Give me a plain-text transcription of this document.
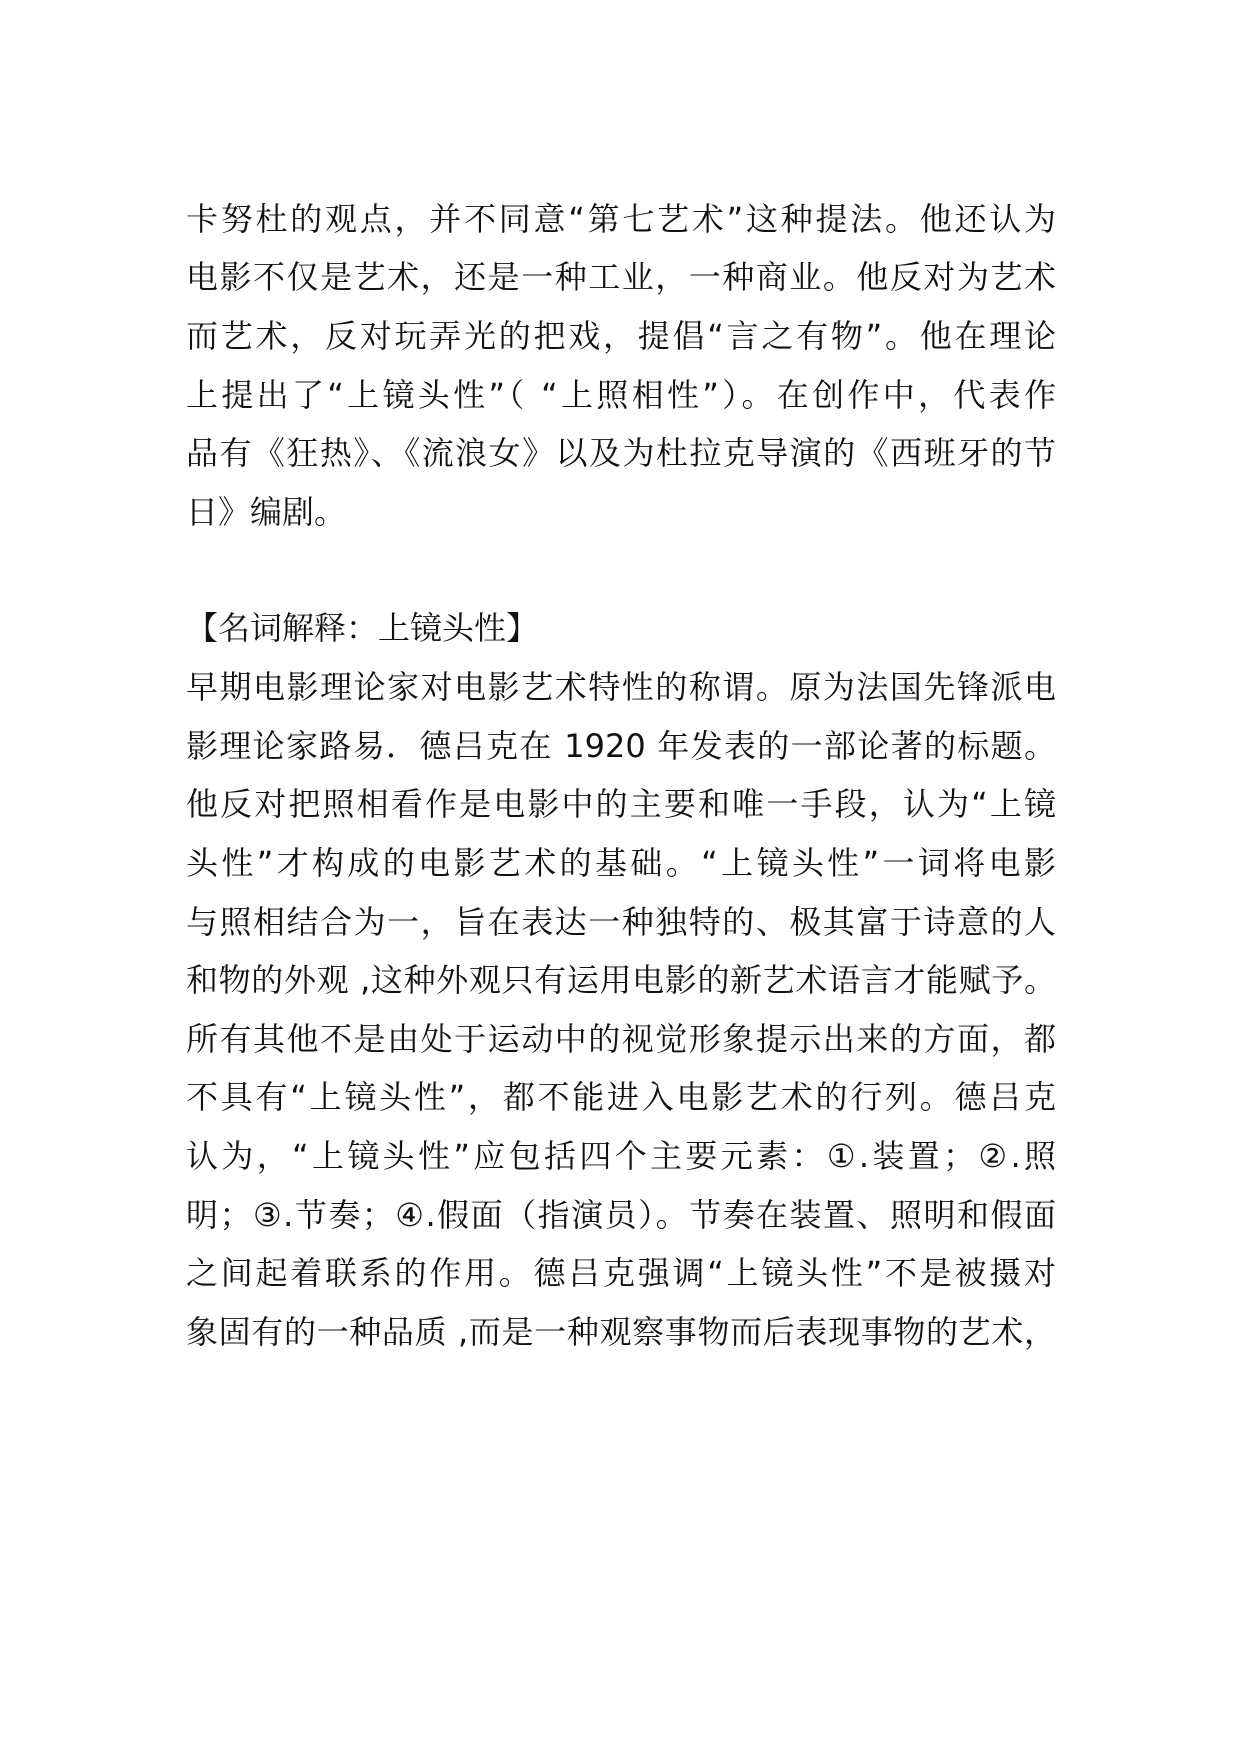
卡努杜的观点，并不同意“第七艺术”这种提法。他还认为
电影不仅是艺术，还是一种工业，一种商业。他反对为艺术
而艺术，反对玩弄光的把戏，提倡“言之有物”。他在理论
上提出了“上镜头性”（ “上照相性”）。在创作中，代表作
品有《狂热》、《流浪女》以及为杜拉克导演的《西班牙的节
日》编剧。
【名词解释：上镜头性】
早期电影理论家对电影艺术特性的称谓。原为法国先锋派电
影理论家路易．德吕克在 1920 年发表的一部论著的标题。
他反对把照相看作是电影中的主要和唯一手段，认为“上镜
头性”才构成的电影艺术的基础。“上镜头性”一词将电影
与照相结合为一，旨在表达一种独特的、极其富于诗意的人
和物的外观 ,这种外观只有运用电影的新艺术语言才能赋予。
所有其他不是由处于运动中的视觉形象提示出来的方面，都
不具有“上镜头性”，都不能进入电影艺术的行列。德吕克
认为，“上镜头性”应包括四个主要元素：①.装置；②.照
明；③.节奏；④.假面（指演员）。节奏在装置、照明和假面
之间起着联系的作用。德吕克强调“上镜头性”不是被摄对
象固有的一种品质 ,而是一种观察事物而后表现事物的艺术，
